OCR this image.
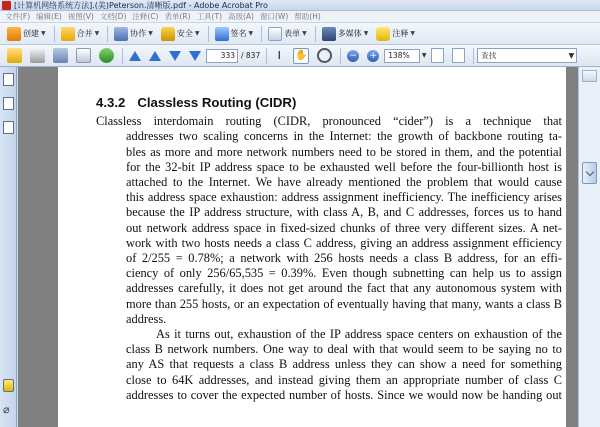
[计算机网络系统方法].(美)Peterson.清晰版.pdf - Adobe Acrobat Pro
文件(F) 编辑(E) 视图(V) 文档(D) 注释(C) 表单(R) 工具(T) 高级(A) 窗口(W) 帮助(H)
创建 ▼	合并 ▼	协作 ▼	安全 ▼	签名 ▼	表单 ▼	多媒体 ▼	注释 ▼
333 / 837	I	✋	− +	138%	▼	查找	▼
⌀
4.3.2 Classless Routing (CIDR)
Classless interdomain routing (CIDR, pronounced “cider”) is a technique that
addresses two scaling concerns in the Internet: the growth of backbone routing ta-
bles as more and more network numbers need to be stored in them, and the potential
for the 32-bit IP address space to be exhausted well before the four-billionth host is
attached to the Internet. We have already mentioned the problem that would cause
this address space exhaustion: address assignment inefficiency. The inefficiency arises
because the IP address structure, with class A, B, and C addresses, forces us to hand
out network address space in fixed-sized chunks of three very different sizes. A net-
work with two hosts needs a class C address, giving an address assignment efficiency
of 2/255 = 0.78%; a network with 256 hosts needs a class B address, for an effi-
ciency of only 256/65,535 = 0.39%. Even though subnetting can help us to assign
addresses carefully, it does not get around the fact that any autonomous system with
more than 255 hosts, or an expectation of eventually having that many, wants a class B
address.
As it turns out, exhaustion of the IP address space centers on exhaustion of the
class B network numbers. One way to deal with that would seem to be saying no to
any AS that requests a class B address unless they can show a need for something
close to 64K addresses, and instead giving them an appropriate number of class C
addresses to cover the expected number of hosts. Since we would now be handing out
